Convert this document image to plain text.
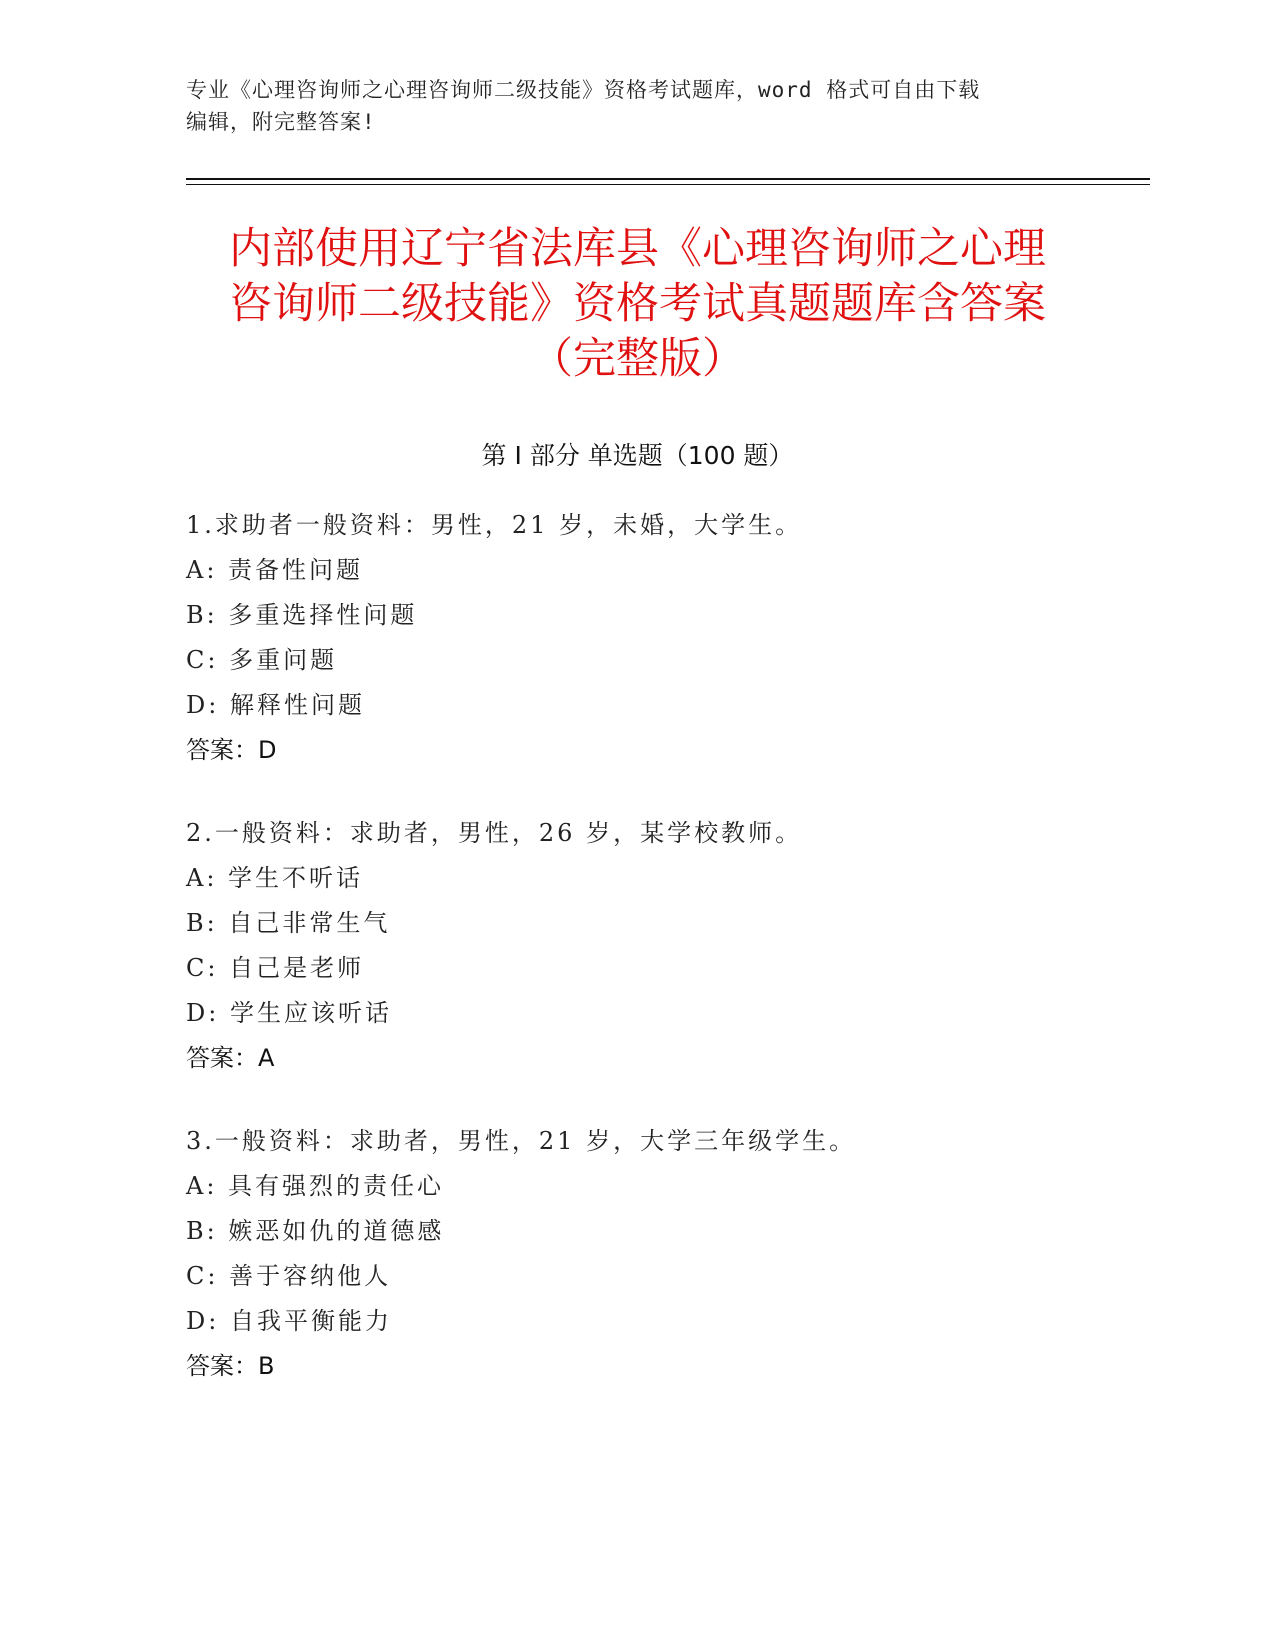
专业《心理咨询师之心理咨询师二级技能》资格考试题库，word 格式可自由下载
编辑，附完整答案!
内部使用辽宁省法库县《心理咨询师之心理
咨询师二级技能》资格考试真题题库含答案
（完整版）
第 I 部分 单选题（100 题）
1.求助者一般资料：男性，21 岁，未婚，大学生。
A: 责备性问题
B: 多重选择性问题
C: 多重问题
D: 解释性问题
答案：D
2.一般资料：求助者，男性，26 岁，某学校教师。
A: 学生不听话
B: 自己非常生气
C: 自己是老师
D: 学生应该听话
答案：A
3.一般资料：求助者，男性，21 岁，大学三年级学生。
A: 具有强烈的责任心
B: 嫉恶如仇的道德感
C: 善于容纳他人
D: 自我平衡能力
答案：B
